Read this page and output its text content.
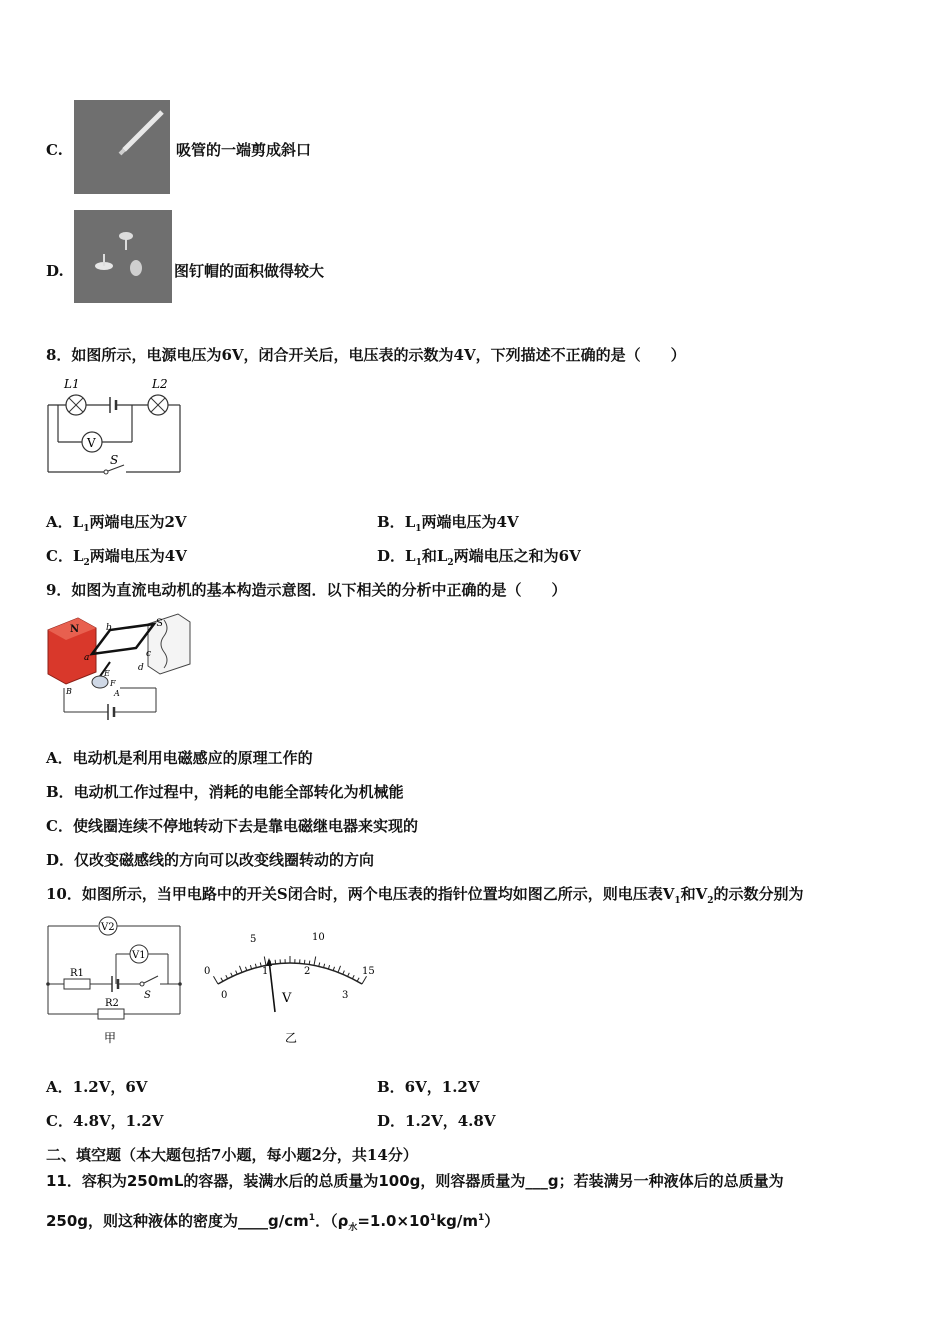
C.	吸管的一端剪成斜口
D.	图钉帽的面积做得较大
8．如图所示，电源电压为6V，闭合开关后，电压表的示数为4V，下列描述不正确的是（　　）
L1	L2
V
S
A．$L_1$两端电压为2V	B．$L_1$两端电压为4V
C．$L_2$两端电压为4V	D．$L_1$和$L_2$两端电压之和为6V
9．如图为直流电动机的基本构造示意图．以下相关的分析中正确的是（　　）
N
S
b
a	c
d
E
F
B	A
A．电动机是利用电磁感应的原理工作的
B．电动机工作过程中，消耗的电能全部转化为机械能
C．使线圈连续不停地转动下去是靠电磁继电器来实现的
D．仅改变磁感线的方向可以改变线圈转动的方向
10．如图所示，当甲电路中的开关S闭合时，两个电压表的指针位置均如图乙所示，则电压表$V_1$和$V_2$的示数分别为
V2
V1
R1
S
R2
甲
0
5	10
15
0
1	2
3
V
乙
A．1.2V，6V	B．6V，1.2V
C．4.8V，1.2V	D．1.2V，4.8V
二、填空题（本大题包括7小题，每小题2分，共14分）
11．容积为250mL的容器，装满水后的总质量为100g，则容器质量为___g；若装满另一种液体后的总质量为
250g，则这种液体的密度为$\_\_\_\_g/cm^1$．$(\rho_水=1.0\times 10^1kg/m^1)$
